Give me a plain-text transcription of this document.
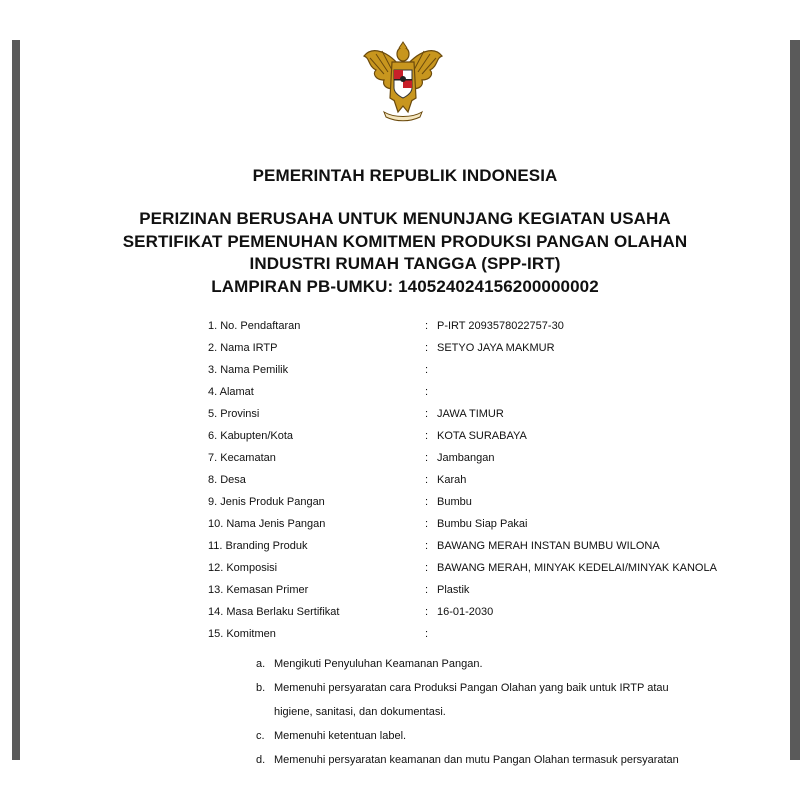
PEMERINTAH REPUBLIK INDONESIA
PERIZINAN BERUSAHA UNTUK MENUNJANG KEGIATAN USAHA
SERTIFIKAT PEMENUHAN KOMITMEN PRODUKSI PANGAN OLAHAN
INDUSTRI RUMAH TANGGA (SPP-IRT)
LAMPIRAN PB-UMKU: 140524024156200000002
1. No. Pendaftaran	: P-IRT 2093578022757-30
2. Nama IRTP	: SETYO JAYA MAKMUR
3. Nama Pemilik	:
4. Alamat	:
5. Provinsi	: JAWA TIMUR
6. Kabupten/Kota	: KOTA SURABAYA
7. Kecamatan	: Jambangan
8. Desa	: Karah
9. Jenis Produk Pangan	: Bumbu
10. Nama Jenis Pangan	: Bumbu Siap Pakai
11. Branding Produk	: BAWANG MERAH INSTAN BUMBU WILONA
12. Komposisi	: BAWANG MERAH, MINYAK KEDELAI/MINYAK KANOLA
13. Kemasan Primer	: Plastik
14. Masa Berlaku Sertifikat	: 16-01-2030
15. Komitmen	:
a. Mengikuti Penyuluhan Keamanan Pangan.
b. Memenuhi persyaratan cara Produksi Pangan Olahan yang baik untuk IRTP atau
higiene, sanitasi, dan dokumentasi.
c. Memenuhi ketentuan label.
d. Memenuhi persyaratan keamanan dan mutu Pangan Olahan termasuk persyaratan
